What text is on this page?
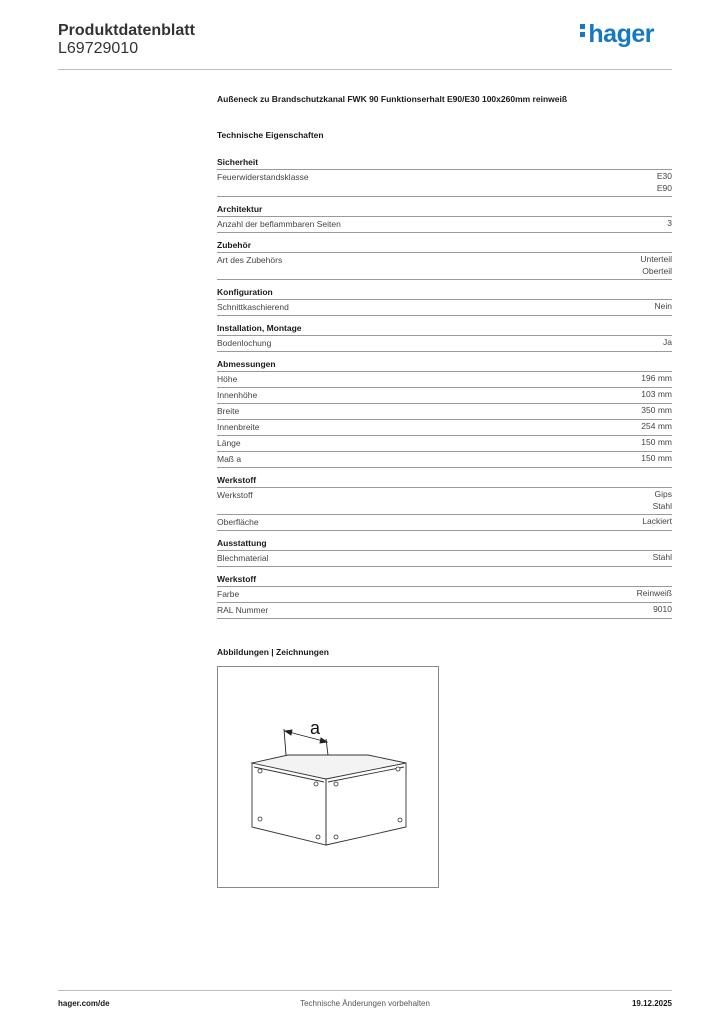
Produktdatenblatt
L69729010
hager
Außeneck zu Brandschutzkanal FWK 90 Funktionserhalt E90/E30 100x260mm reinweiß
Technische Eigenschaften
Sicherheit
Feuerwiderstandsklasse	E30
E90
Architektur
Anzahl der beflammbaren Seiten	3
Zubehör
Art des Zubehörs	Unterteil
Oberteil
Konfiguration
Schnittkaschierend	Nein
Installation, Montage
Bodenlochung	Ja
Abmessungen
Höhe	196 mm
Innenhöhe	103 mm
Breite	350 mm
Innenbreite	254 mm
Länge	150 mm
Maß a	150 mm
Werkstoff
Werkstoff	Gips
Stahl
Oberfläche	Lackiert
Ausstattung
Blechmaterial	Stahl
Werkstoff
Farbe	Reinweiß
RAL Nummer	9010
Abbildungen | Zeichnungen
a
hager.com/de	Technische Änderungen vorbehalten	19.12.2025
